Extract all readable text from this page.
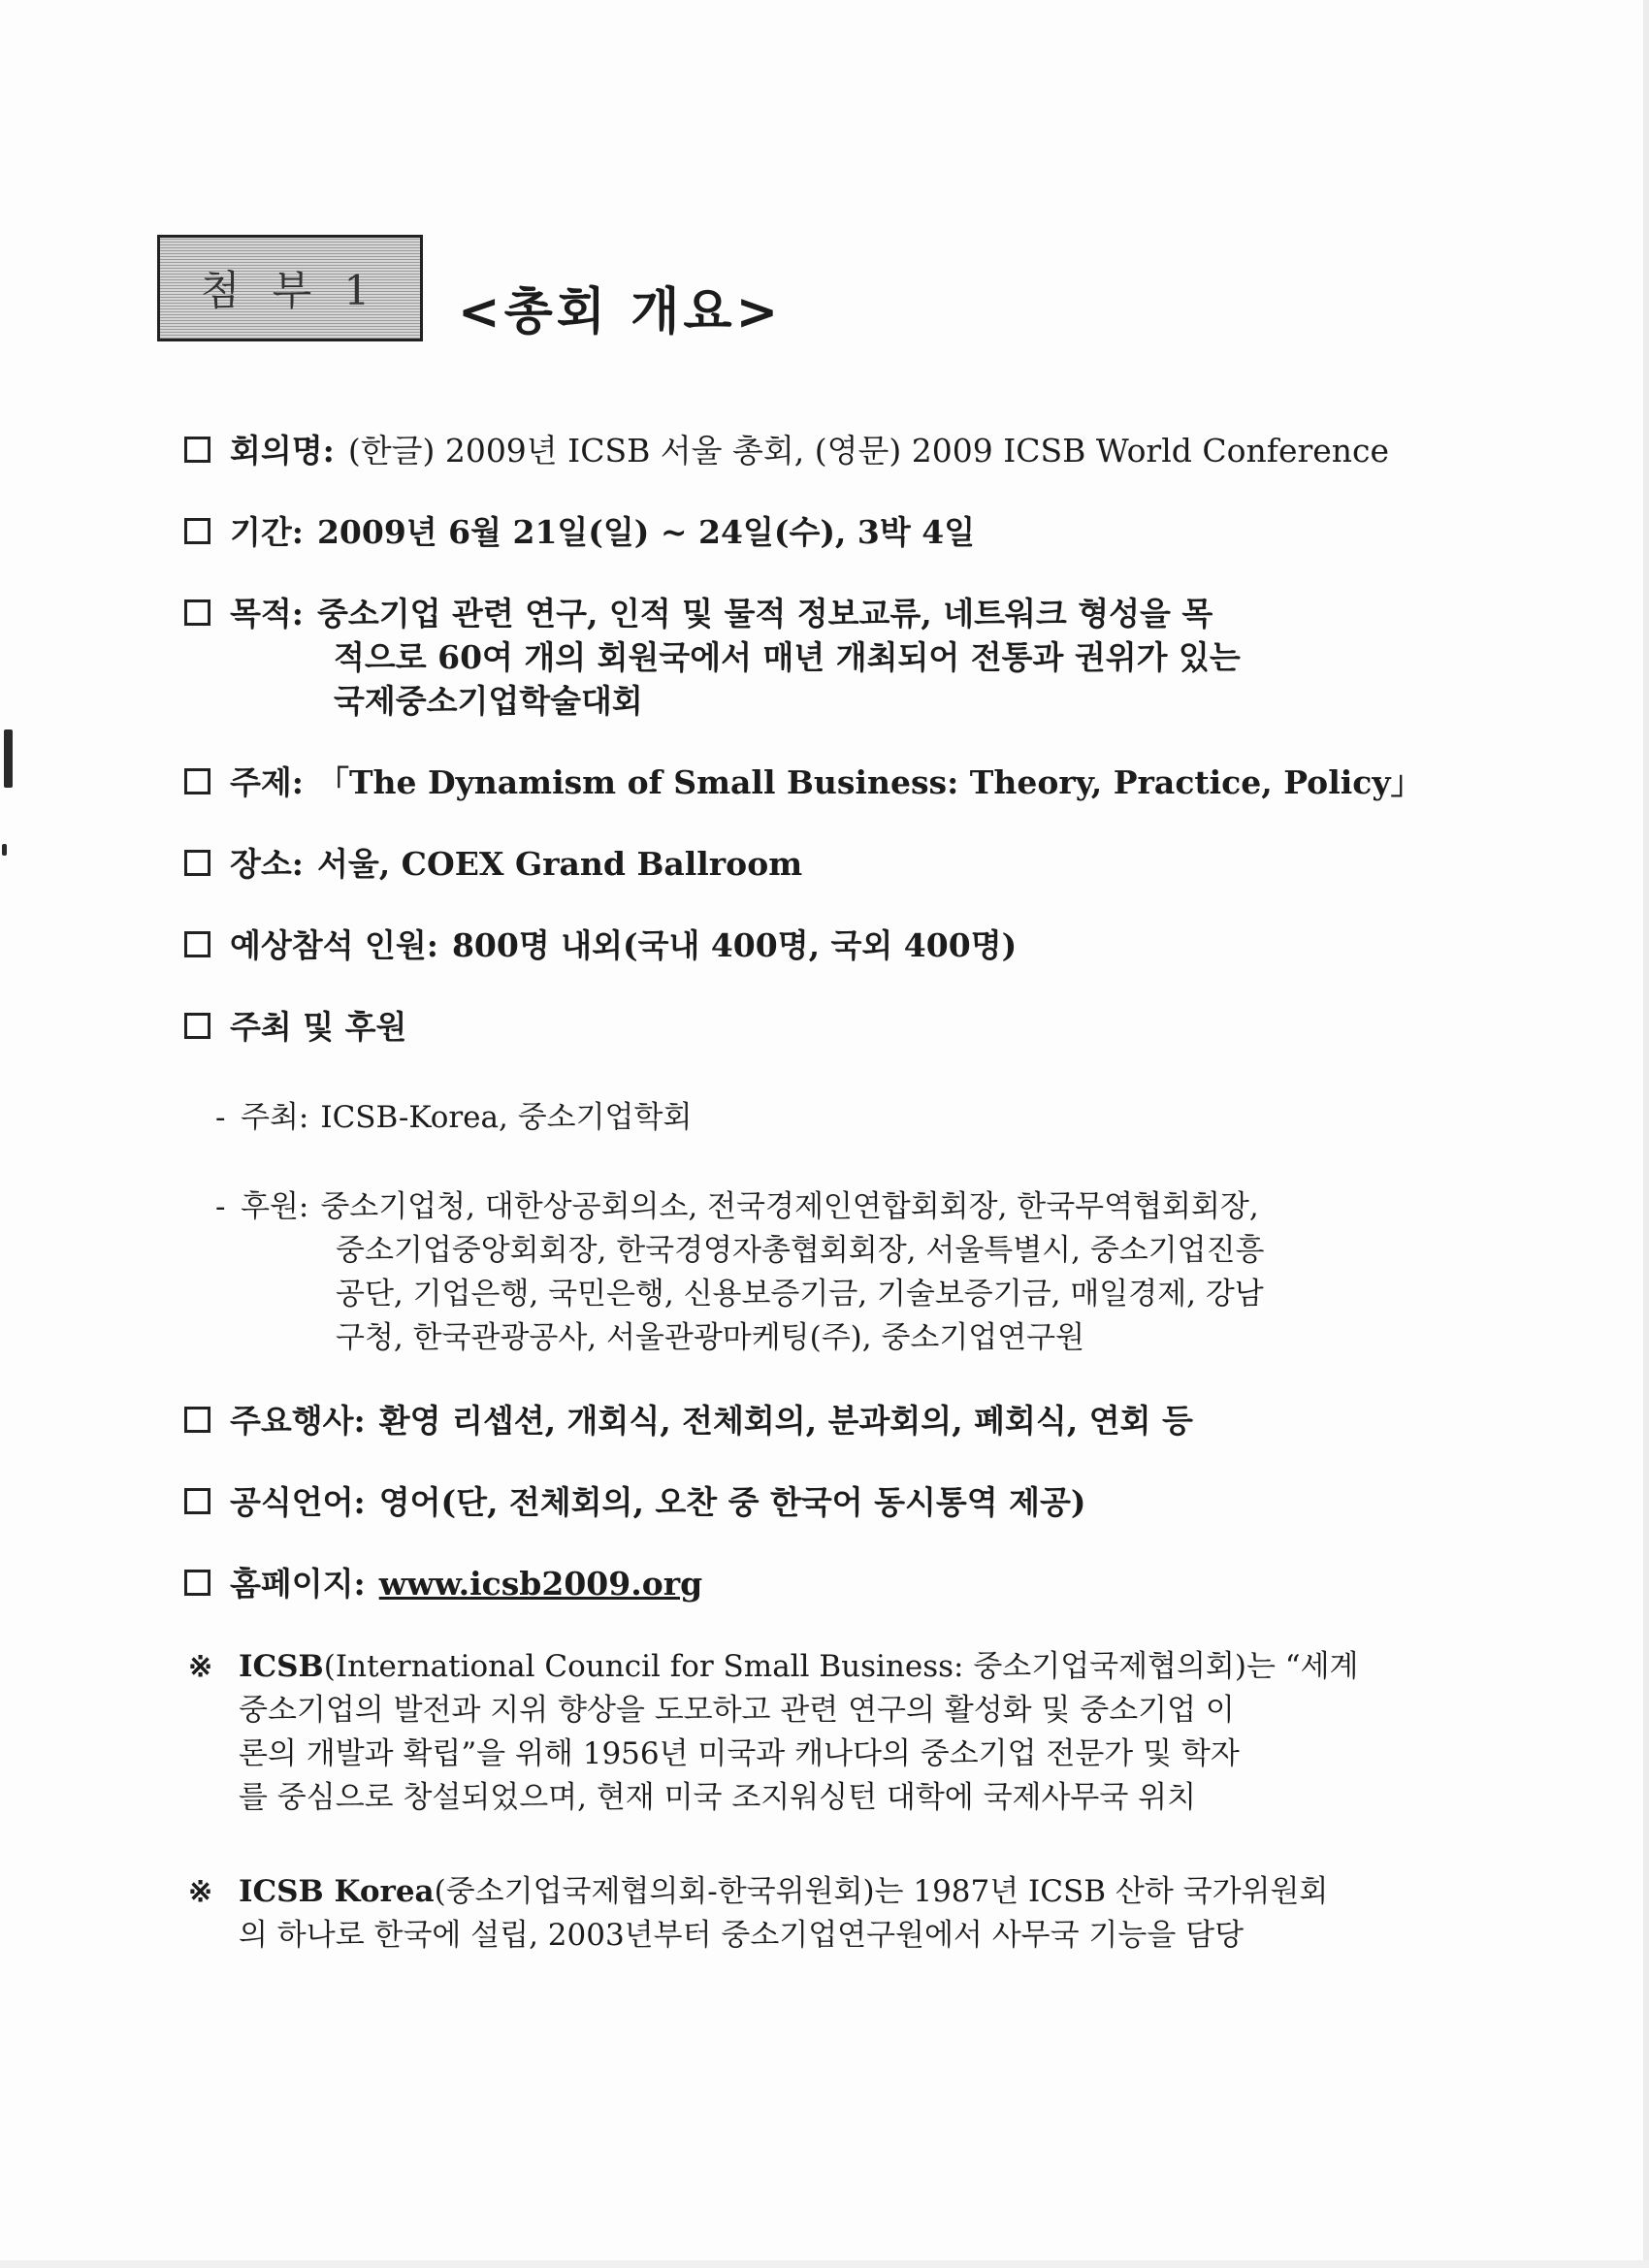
첨 부 1 <총회 개요>
회의명: (한글) 2009년 ICSB 서울 총회, (영문) 2009 ICSB World Conference
기간: 2009년 6월 21일(일) ~ 24일(수), 3박 4일
목적: 중소기업 관련 연구, 인적 및 물적 정보교류, 네트워크 형성을 목
적으로 60여 개의 회원국에서 매년 개최되어 전통과 권위가 있는
국제중소기업학술대회
주제: 「The Dynamism of Small Business: Theory, Practice, Policy」
장소: 서울, COEX Grand Ballroom
예상참석 인원: 800명 내외(국내 400명, 국외 400명)
주최 및 후원
- 주최: ICSB-Korea, 중소기업학회
- 후원: 중소기업청, 대한상공회의소, 전국경제인연합회회장, 한국무역협회회장,
중소기업중앙회회장, 한국경영자총협회회장, 서울특별시, 중소기업진흥
공단, 기업은행, 국민은행, 신용보증기금, 기술보증기금, 매일경제, 강남
구청, 한국관광공사, 서울관광마케팅(주), 중소기업연구원
주요행사: 환영 리셉션, 개회식, 전체회의, 분과회의, 폐회식, 연회 등
공식언어: 영어(단, 전체회의, 오찬 중 한국어 동시통역 제공)
홈페이지: www.icsb2009.org
※ ICSB (International Council for Small Business: 중소기업국제협의회)는 “세계
중소기업의 발전과 지위 향상을 도모하고 관련 연구의 활성화 및 중소기업 이
론의 개발과 확립”을 위해 1956년 미국과 캐나다의 중소기업 전문가 및 학자
를 중심으로 창설되었으며, 현재 미국 조지워싱턴 대학에 국제사무국 위치
※ ICSB Korea (중소기업국제협의회-한국위원회)는 1987년 ICSB 산하 국가위원회
의 하나로 한국에 설립, 2003년부터 중소기업연구원에서 사무국 기능을 담당
